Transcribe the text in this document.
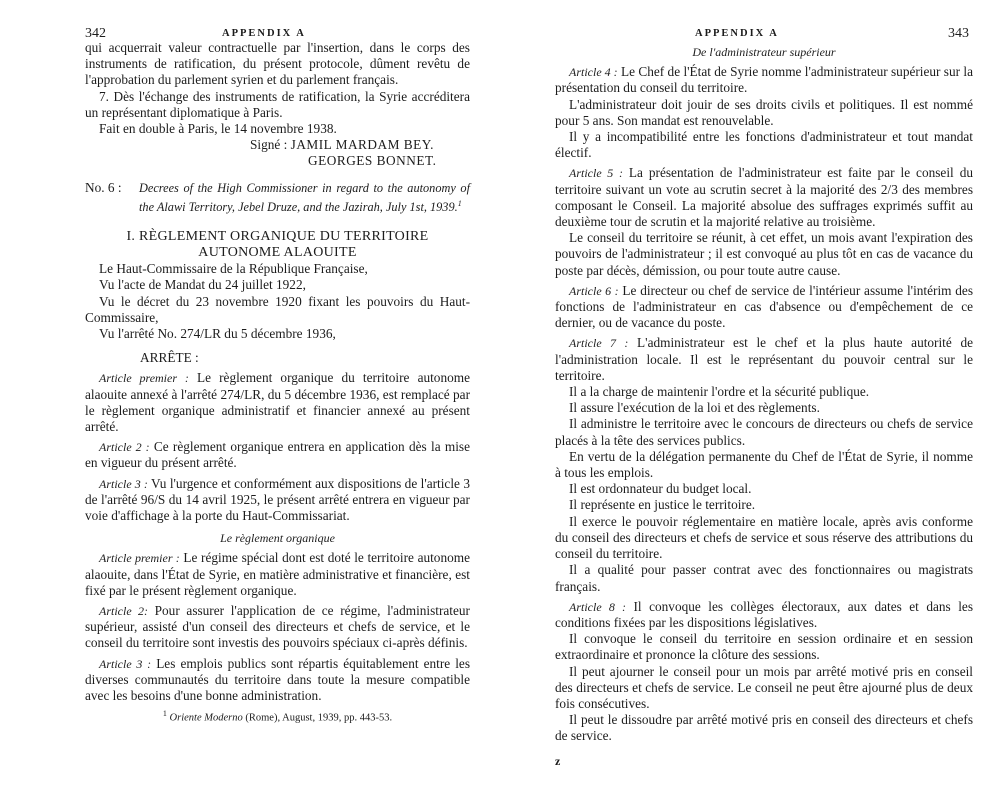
342	APPENDIX A

qui acquerrait valeur contractuelle par l'insertion, dans le corps des instruments de ratification, du présent protocole, dûment revêtu de l'approbation du parlement syrien et du parlement français.

7. Dès l'échange des instruments de ratification, la Syrie accréditera un représentant diplomatique à Paris.

Fait en double à Paris, le 14 novembre 1938.

Signé : JAMIL MARDAM BEY.

GEORGES BONNET.

No. 6 :	Decrees of the High Commissioner in regard to the autonomy of the Alawi Territory, Jebel Druze, and the Jazirah, July 1st, 1939.$^1$
I. RÈGLEMENT ORGANIQUE DU TERRITOIRE
AUTONOME ALAOUITE

Le Haut-Commissaire de la République Française,

Vu l'acte de Mandat du 24 juillet 1922,

Vu le décret du 23 novembre 1920 fixant les pouvoirs du Haut-Commissaire,

Vu l'arrêté No. 274/LR du 5 décembre 1936,

ARRÊTE :

Article premier : Le règlement organique du territoire autonome alaouite annexé à l'arrêté 274/LR, du 5 décembre 1936, est remplacé par le règlement organique administratif et financier annexé au présent arrêté.

Article 2 : Ce règlement organique entrera en application dès la mise en vigueur du présent arrêté.

Article 3 : Vu l'urgence et conformément aux dispositions de l'article 3 de l'arrêté 96/S du 14 avril 1925, le présent arrêté entrera en vigueur par voie d'affichage à la porte du Haut-Commissariat.

Le règlement organique

Article premier : Le régime spécial dont est doté le territoire autonome alaouite, dans l'État de Syrie, en matière administrative et financière, est fixé par le présent règlement organique.

Article 2: Pour assurer l'application de ce régime, l'administrateur supérieur, assisté d'un conseil des directeurs et chefs de service, et le conseil du territoire sont investis des pouvoirs spéciaux ci-après définis.

Article 3 : Les emplois publics sont répartis équitablement entre les diverses communautés du territoire dans toute la mesure compatible avec les besoins d'une bonne administration.

$^1$ Oriente Moderno (Rome), August, 1939, pp. 443-53.

APPENDIX A	343

De l'administrateur supérieur

Article 4 : Le Chef de l'État de Syrie nomme l'administrateur supérieur sur la présentation du conseil du territoire.

L'administrateur doit jouir de ses droits civils et politiques. Il est nommé pour 5 ans. Son mandat est renouvelable.

Il y a incompatibilité entre les fonctions d'administrateur et tout mandat électif.

Article 5 : La présentation de l'administrateur est faite par le conseil du territoire suivant un vote au scrutin secret à la majorité des 2/3 des membres composant le Conseil. La majorité absolue des suffrages exprimés suffit au deuxième tour de scrutin et la majorité relative au troisième.

Le conseil du territoire se réunit, à cet effet, un mois avant l'expiration des pouvoirs de l'administrateur ; il est convoqué au plus tôt en cas de vacance du poste par décès, démission, ou pour toute autre cause.

Article 6 : Le directeur ou chef de service de l'intérieur assume l'intérim des fonctions de l'administrateur en cas d'absence ou d'empêchement de ce dernier, ou de vacance du poste.

Article 7 : L'administrateur est le chef et la plus haute autorité de l'administration locale. Il est le représentant du pouvoir central sur le territoire.

Il a la charge de maintenir l'ordre et la sécurité publique.

Il assure l'exécution de la loi et des règlements.

Il administre le territoire avec le concours de directeurs ou chefs de service placés à la tête des services publics.

En vertu de la délégation permanente du Chef de l'État de Syrie, il nomme à tous les emplois.

Il est ordonnateur du budget local.

Il représente en justice le territoire.

Il exerce le pouvoir réglementaire en matière locale, après avis conforme du conseil des directeurs et chefs de service et sous réserve des attributions du conseil du territoire.

Il a qualité pour passer contrat avec des fonctionnaires ou magistrats français.

Article 8 : Il convoque les collèges électoraux, aux dates et dans les conditions fixées par les dispositions législatives.

Il convoque le conseil du territoire en session ordinaire et en session extraordinaire et prononce la clôture des sessions.

Il peut ajourner le conseil pour un mois par arrêté motivé pris en conseil des directeurs et chefs de service. Le conseil ne peut être ajourné plus de deux fois consécutives.

Il peut le dissoudre par arrêté motivé pris en conseil des directeurs et chefs de service.

z
